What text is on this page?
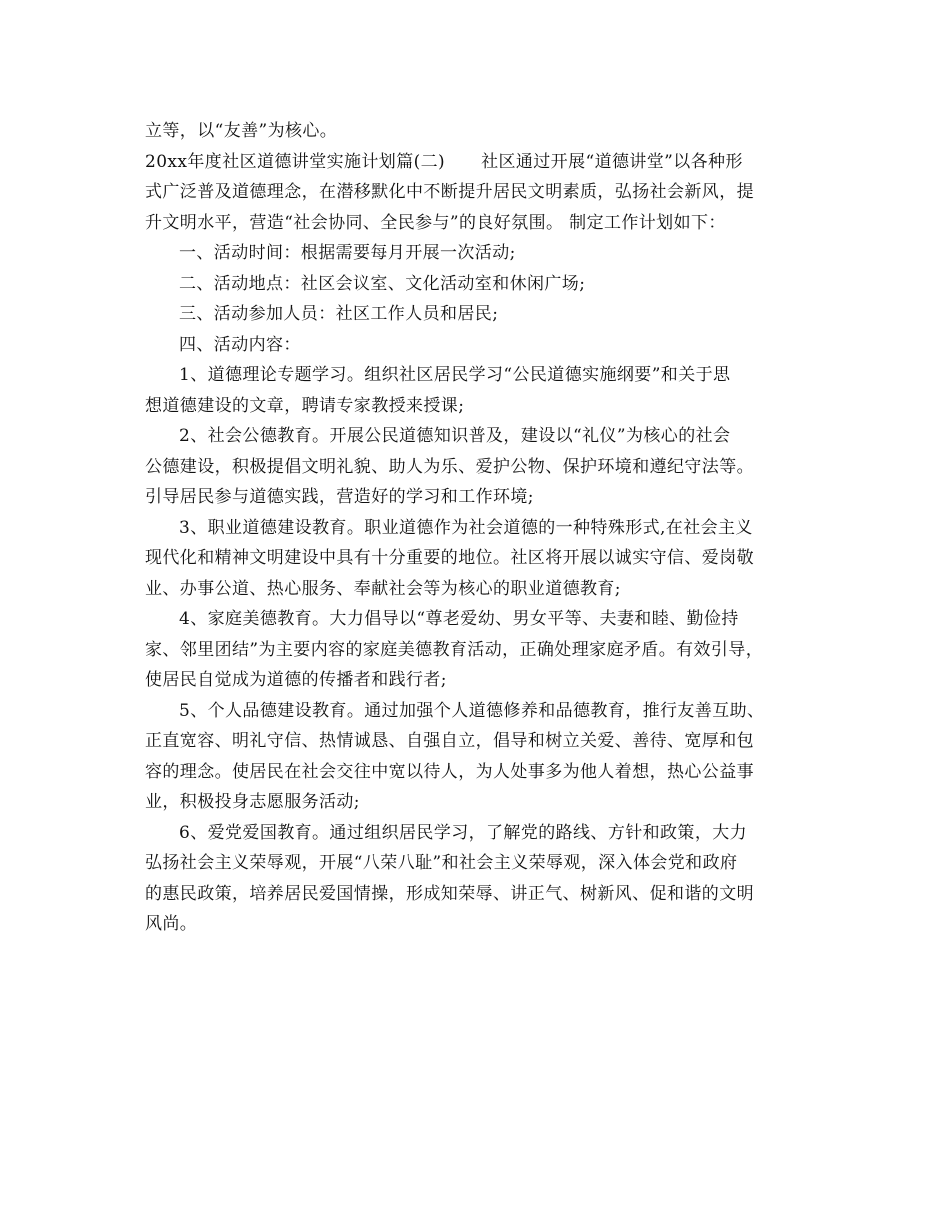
立等，以“友善”为核心。
20xx年度社区道德讲堂实施计划篇(二) 社区通过开展“道德讲堂”以各种形
式广泛普及道德理念，在潜移默化中不断提升居民文明素质，弘扬社会新风，提
升文明水平，营造“社会协同、全民参与”的良好氛围。 制定工作计划如下：
一、活动时间：根据需要每月开展一次活动;
二、活动地点：社区会议室、文化活动室和休闲广场;
三、活动参加人员：社区工作人员和居民;
四、活动内容：
1、道德理论专题学习。组织社区居民学习“公民道德实施纲要”和关于思
想道德建设的文章，聘请专家教授来授课;
2、社会公德教育。开展公民道德知识普及，建设以“礼仪”为核心的社会
公德建设，积极提倡文明礼貌、助人为乐、爱护公物、保护环境和遵纪守法等。
引导居民参与道德实践，营造好的学习和工作环境;
3、职业道德建设教育。职业道德作为社会道德的一种特殊形式,在社会主义
现代化和精神文明建设中具有十分重要的地位。社区将开展以诚实守信、爱岗敬
业、办事公道、热心服务、奉献社会等为核心的职业道德教育;
4、家庭美德教育。大力倡导以“尊老爱幼、男女平等、夫妻和睦、勤俭持
家、邻里团结”为主要内容的家庭美德教育活动，正确处理家庭矛盾。有效引导，
使居民自觉成为道德的传播者和践行者;
5、个人品德建设教育。通过加强个人道德修养和品德教育，推行友善互助、
正直宽容、明礼守信、热情诚恳、自强自立，倡导和树立关爱、善待、宽厚和包
容的理念。使居民在社会交往中宽以待人，为人处事多为他人着想，热心公益事
业，积极投身志愿服务活动;
6、爱党爱国教育。通过组织居民学习，了解党的路线、方针和政策，大力
弘扬社会主义荣辱观，开展“八荣八耻”和社会主义荣辱观，深入体会党和政府
的惠民政策，培养居民爱国情操，形成知荣辱、讲正气、树新风、促和谐的文明
风尚。
